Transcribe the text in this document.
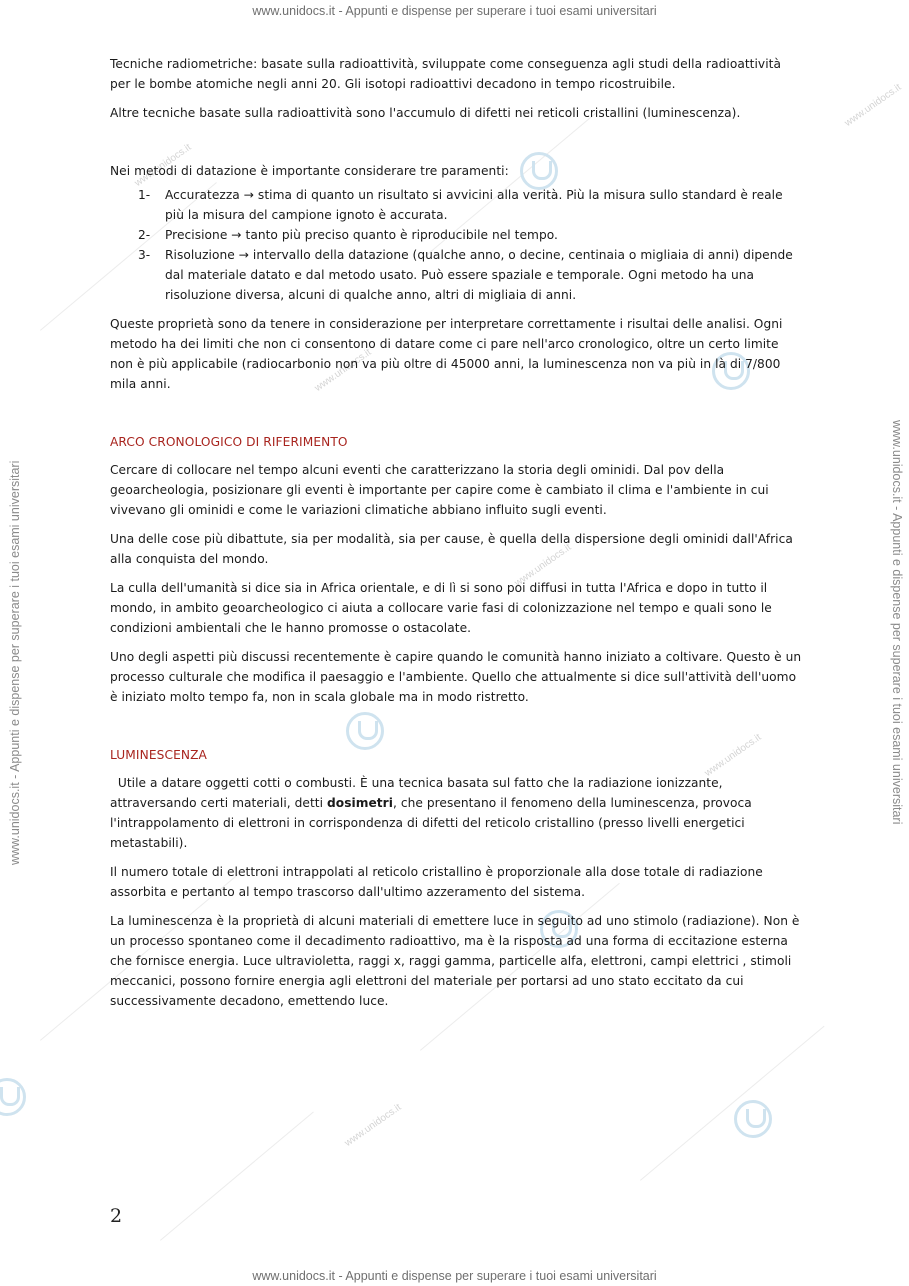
www.unidocs.it
www.unidocs.it
www.unidocs.it
www.unidocs.it
www.unidocs.it
www.unidocs.it
www.unidocs.it - Appunti e dispense per superare i tuoi esami universitari
www.unidocs.it - Appunti e dispense per superare i tuoi esami universitari
www.unidocs.it - Appunti e dispense per superare i tuoi esami universitari	www.unidocs.it - Appunti e dispense per superare i tuoi esami universitari

Tecniche radiometriche: basate sulla radioattività, sviluppate come conseguenza agli studi della radioattività per le bombe atomiche negli anni 20. Gli isotopi radioattivi decadono in tempo ricostruibile.

Altre tecniche basate sulla radioattività sono l'accumulo di difetti nei reticoli cristallini (luminescenza).

Nei metodi di datazione è importante considerare tre paramenti:

1-	Accuratezza → stima di quanto un risultato si avvicini alla verità. Più la misura sullo standard è reale più la misura del campione ignoto è accurata.
2-	Precisione → tanto più preciso quanto è riproducibile nel tempo.
3-	Risoluzione → intervallo della datazione (qualche anno, o decine, centinaia o migliaia di anni) dipende dal materiale datato e dal metodo usato. Può essere spaziale e temporale. Ogni metodo ha una risoluzione diversa, alcuni di qualche anno, altri di migliaia di anni.

Queste proprietà sono da tenere in considerazione per interpretare correttamente i risultai delle analisi. Ogni metodo ha dei limiti che non ci consentono di datare come ci pare nell'arco cronologico, oltre un certo limite non è più applicabile (radiocarbonio non va più oltre di 45000 anni, la luminescenza non va più in là di 7/800 mila anni.

ARCO CRONOLOGICO DI RIFERIMENTO

Cercare di collocare nel tempo alcuni eventi che caratterizzano la storia degli ominidi. Dal pov della geoarcheologia, posizionare gli eventi è importante per capire come è cambiato il clima e l'ambiente in cui vivevano gli ominidi e come le variazioni climatiche abbiano influito sugli eventi.

Una delle cose più dibattute, sia per modalità, sia per cause, è quella della dispersione degli ominidi dall'Africa alla conquista del mondo.

La culla dell'umanità si dice sia in Africa orientale, e di lì si sono poi diffusi in tutta l'Africa e dopo in tutto il mondo, in ambito geoarcheologico ci aiuta a collocare varie fasi di colonizzazione nel tempo e quali sono le condizioni ambientali che le hanno promosse o ostacolate.

Uno degli aspetti più discussi recentemente è capire quando le comunità hanno iniziato a coltivare. Questo è un processo culturale che modifica il paesaggio e l'ambiente. Quello che attualmente si dice sull'attività dell'uomo è iniziato molto tempo fa, non in scala globale ma in modo ristretto.

LUMINESCENZA

Utile a datare oggetti cotti o combusti. È una tecnica basata sul fatto che la radiazione ionizzante, attraversando certi materiali, detti dosimetri, che presentano il fenomeno della luminescenza, provoca l'intrappolamento di elettroni in corrispondenza di difetti del reticolo cristallino (presso livelli energetici metastabili).

Il numero totale di elettroni intrappolati al reticolo cristallino è proporzionale alla dose totale di radiazione assorbita e pertanto al tempo trascorso dall'ultimo azzeramento del sistema.

La luminescenza è la proprietà di alcuni materiali di emettere luce in seguito ad uno stimolo (radiazione). Non è un processo spontaneo come il decadimento radioattivo, ma è la risposta ad una forma di eccitazione esterna che fornisce energia. Luce ultravioletta, raggi x, raggi gamma, particelle alfa, elettroni, campi elettrici , stimoli meccanici, possono fornire energia agli elettroni del materiale per portarsi ad uno stato eccitato da cui successivamente decadono, emettendo luce.

2
